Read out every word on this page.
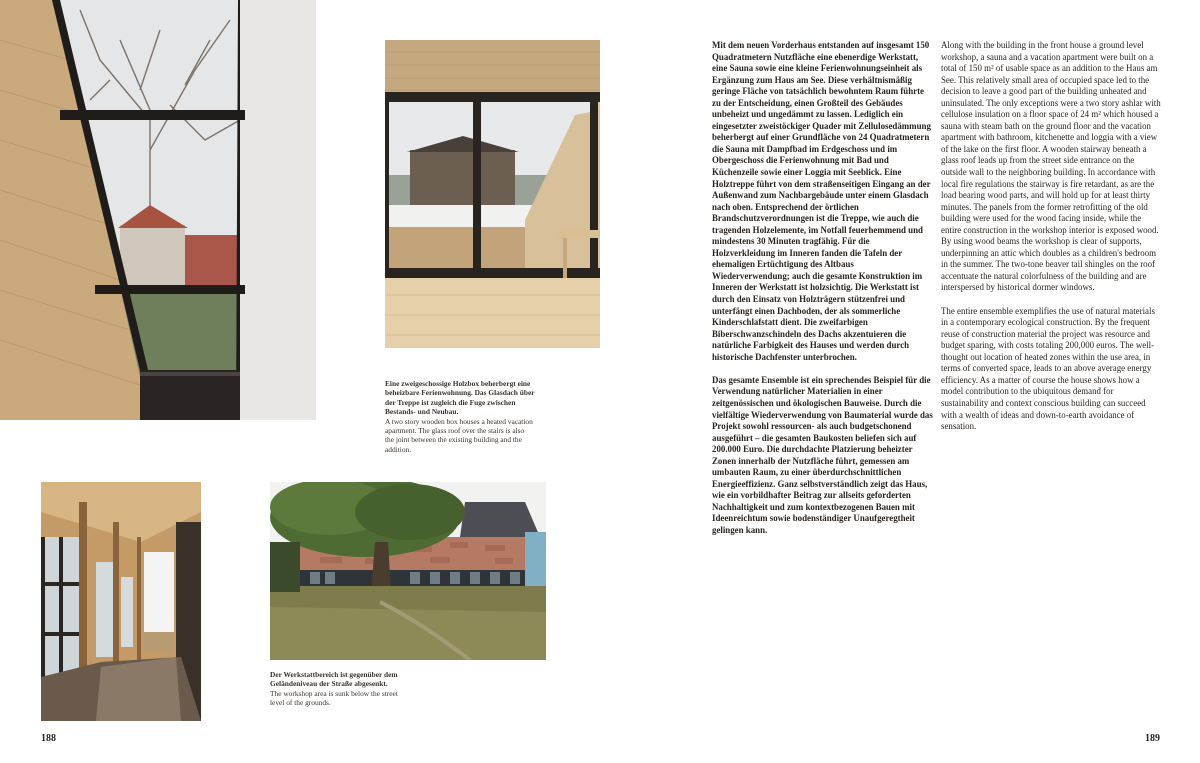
Eine zweigeschossige Holzbox beherbergt eine beheizbare Ferienwohnung. Das Glasdach über der Treppe ist zugleich die Fuge zwischen Bestands- und Neubau.

A two story wooden box houses a heated vacation apartment. The glass roof over the stairs is also the joint between the existing building and the addition.

Der Werkstattbereich ist gegenüber dem Geländeniveau der Straße abgesenkt.

The workshop area is sunk below the street level of the grounds.

Mit dem neuen Vorderhaus entstanden auf insgesamt 150 Quadratmetern Nutzfläche eine ebenerdige Werkstatt, eine Sauna sowie eine kleine Ferienwohnungseinheit als Ergänzung zum Haus am See. Diese verhältnismäßig geringe Fläche von tatsächlich bewohntem Raum führte zu der Entscheidung, einen Großteil des Gebäudes unbeheizt und ungedämmt zu lassen. Lediglich ein eingesetzter zweistöckiger Quader mit Zellulosedämmung beherbergt auf einer Grundfläche von 24 Quadratmetern die Sauna mit Dampfbad im Erdgeschoss und im Obergeschoss die Ferienwohnung mit Bad und Küchenzeile sowie einer Loggia mit Seeblick. Eine Holztreppe führt von dem straßenseitigen Eingang an der Außenwand zum Nachbargebäude unter einem Glasdach nach oben. Entsprechend der örtlichen Brandschutzverordnungen ist die Treppe, wie auch die tragenden Holzelemente, im Notfall feuerhemmend und mindestens 30 Minuten tragfähig. Für die Holzverkleidung im Inneren fanden die Tafeln der ehemaligen Ertüchtigung des Altbaus Wiederverwendung; auch die gesamte Konstruktion im Inneren der Werkstatt ist holzsichtig. Die Werkstatt ist durch den Einsatz von Holzträgern stützenfrei und unterfängt einen Dachboden, der als sommerliche Kinderschlafstatt dient. Die zweifarbigen Biberschwanzschindeln des Dachs akzentuieren die natürliche Farbigkeit des Hauses und werden durch historische Dachfenster unterbrochen.

Das gesamte Ensemble ist ein sprechendes Beispiel für die Verwendung natürlicher Materialien in einer zeitgenössischen und ökologischen Bauweise. Durch die vielfältige Wiederverwendung von Baumaterial wurde das Projekt sowohl ressourcen- als auch budgetschonend ausgeführt – die gesamten Baukosten beliefen sich auf 200.000 Euro. Die durchdachte Platzierung beheizter Zonen innerhalb der Nutzfläche führt, gemessen am umbauten Raum, zu einer überdurchschnittlichen Energieeffizienz. Ganz selbstverständlich zeigt das Haus, wie ein vorbildhafter Beitrag zur allseits geforderten Nachhaltigkeit und zum kontextbezogenen Bauen mit Ideenreichtum sowie bodenständiger Unaufgeregtheit gelingen kann.

Along with the building in the front house a ground level workshop, a sauna and a vacation apartment were built on a total of 150 m² of usable space as an addition to the Haus am See. This relatively small area of occupied space led to the decision to leave a good part of the building unheated and uninsulated. The only exceptions were a two story ashlar with cellulose insulation on a floor space of 24 m² which housed a sauna with steam bath on the ground floor and the vacation apartment with bathroom, kitchenette and loggia with a view of the lake on the first floor. A wooden stairway beneath a glass roof leads up from the street side entrance on the outside wall to the neighboring building. In accordance with local fire regulations the stairway is fire retardant, as are the load bearing wood parts, and will hold up for at least thirty minutes. The panels from the former retrofitting of the old building were used for the wood facing inside, while the entire construction in the workshop interior is exposed wood. By using wood beams the workshop is clear of supports, underpinning an attic which doubles as a children's bedroom in the summer. The two-tone beaver tail shingles on the roof accentuate the natural colorfulness of the building and are interspersed by historical dormer windows.

The entire ensemble exemplifies the use of natural materials in a contemporary ecological construction. By the frequent reuse of construction material the project was resource and budget sparing, with costs totaling 200,000 euros. The well-thought out location of heated zones within the use area, in terms of converted space, leads to an above average energy efficiency. As a matter of course the house shows how a model contribution to the ubiquitous demand for sustainability and context conscious building can succeed with a wealth of ideas and down-to-earth avoidance of sensation.

188	189
